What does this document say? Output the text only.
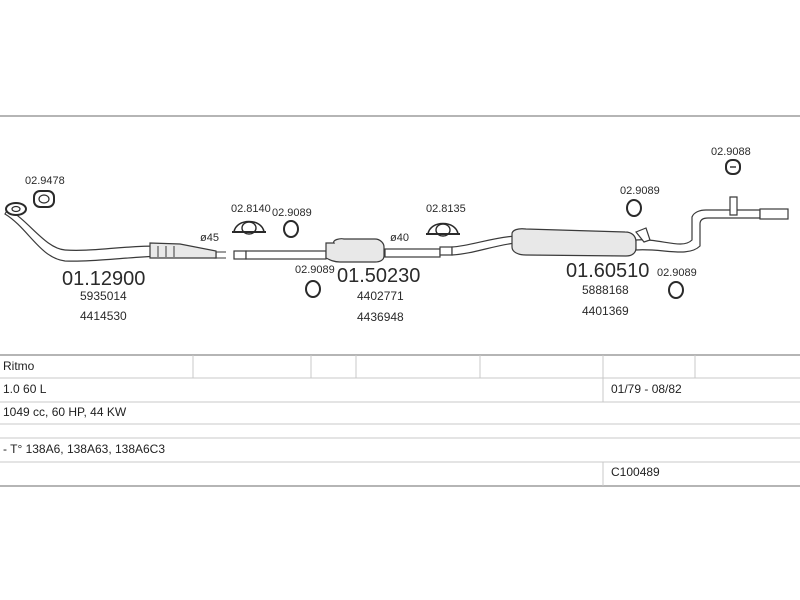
02.9478
01.12900
5935014
4414530
02.8140 02.9089
02.9089 01.50230
4402771
4436948
02.8135
02.9089
02.9088
01.60510
5888168
4401369
02.9089
ø45	ø40
Ritmo
1.0 60 L	01/79 - 08/82
1049 cc, 60 HP, 44 KW
- T° 138A6, 138A63, 138A6C3
C100489
